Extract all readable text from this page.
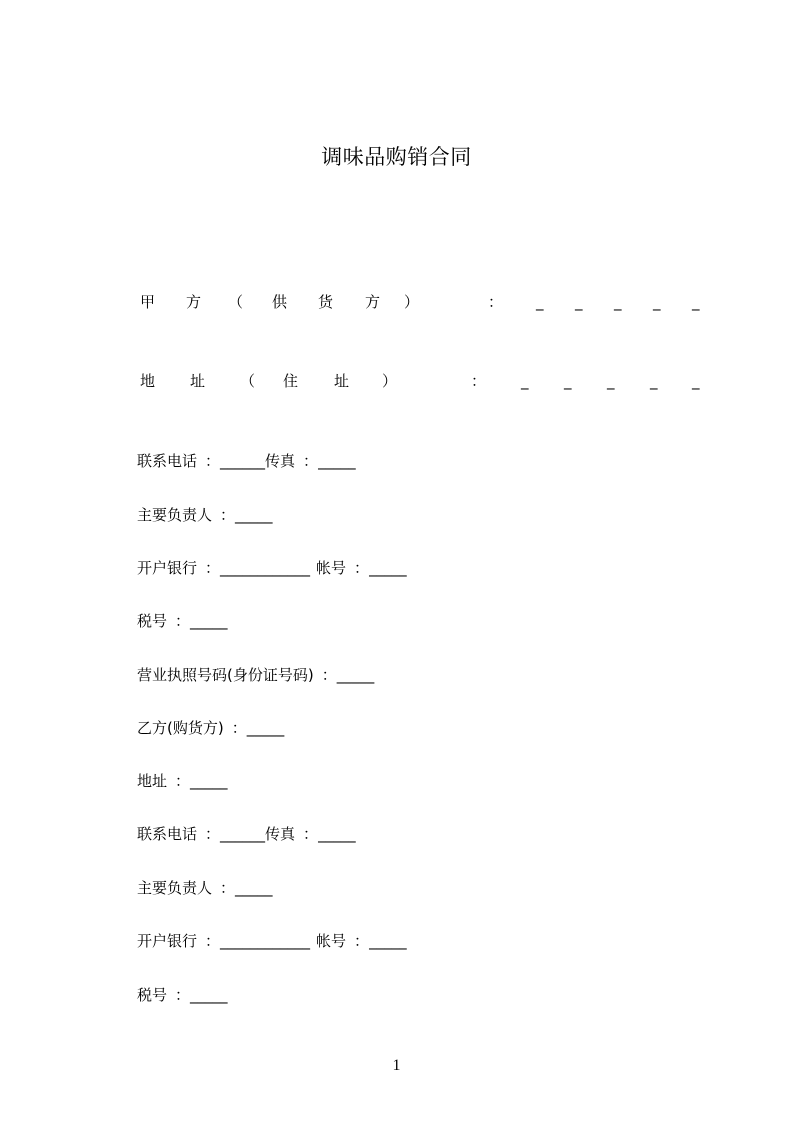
调味品购销合同
甲 方 （ 供 货 方 ）	： _ _ _ _ _
地 址 （ 住 址 ）	： _ _ _ _ _
联系电话 ：______传真 ：_____
主要负责人 ：_____
开户银行 ：____________ 帐号 ：_____
税号 ：_____
营业执照号码(身份证号码) ：_____
乙方(购货方) ：_____
地址 ：_____
联系电话 ：______传真 ：_____
主要负责人 ：_____
开户银行 ：____________ 帐号 ：_____
税号 ：_____
1
